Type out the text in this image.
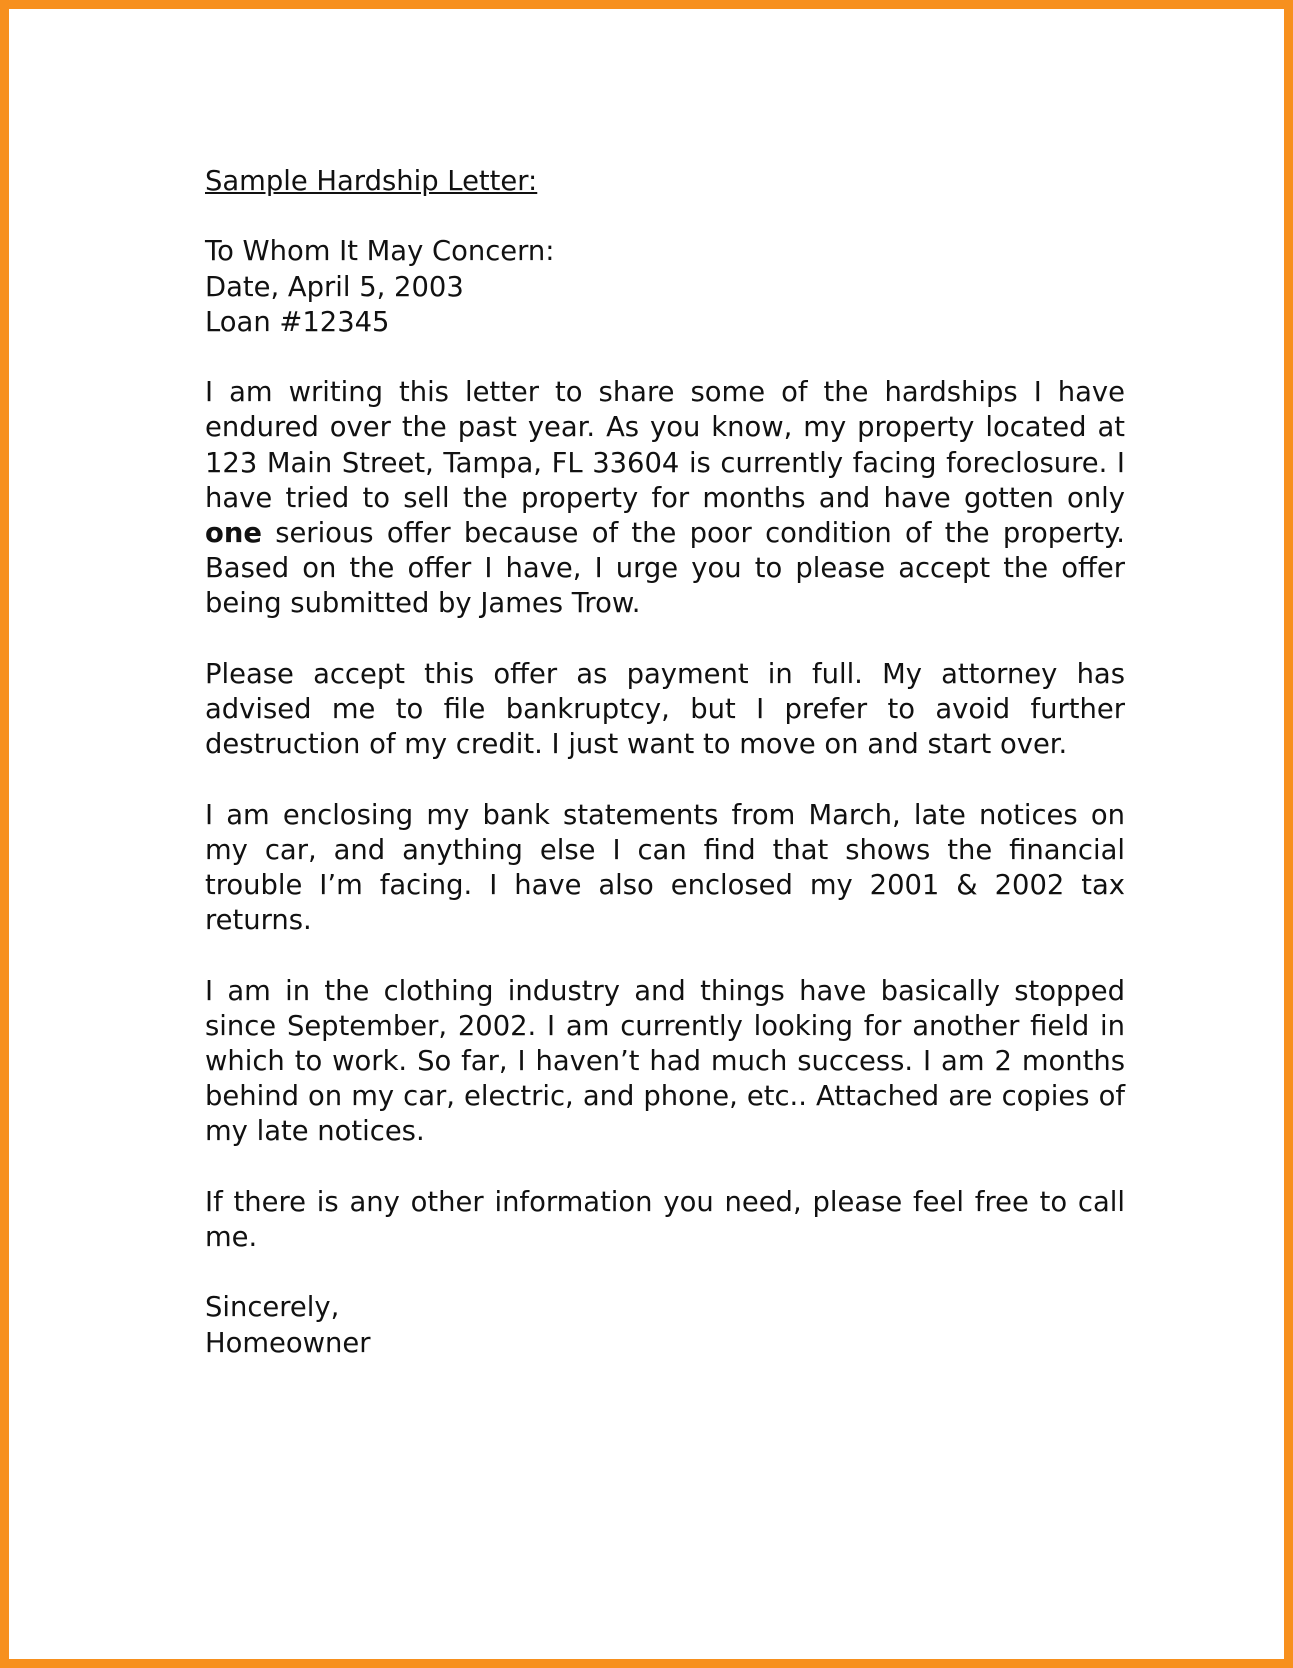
Sample Hardship Letter:

To Whom It May Concern:

Date, April 5, 2003

Loan #12345

I am writing this letter to share some of the hardships I have endured over the past year. As you know, my property located at 123 Main Street, Tampa, FL 33604 is currently facing foreclosure. I have tried to sell the property for months and have gotten only one serious offer because of the poor condition of the property. Based on the offer I have, I urge you to please accept the offer being submitted by James Trow.

Please accept this offer as payment in full. My attorney has advised me to file bankruptcy, but I prefer to avoid further destruction of my credit. I just want to move on and start over.

I am enclosing my bank statements from March, late notices on my car, and anything else I can find that shows the financial trouble I’m facing. I have also enclosed my 2001 & 2002 tax returns.

I am in the clothing industry and things have basically stopped since September, 2002. I am currently looking for another field in which to work. So far, I haven’t had much success. I am 2 months behind on my car, electric, and phone, etc.. Attached are copies of my late notices.

If there is any other information you need, please feel free to call me.

Sincerely,

Homeowner
